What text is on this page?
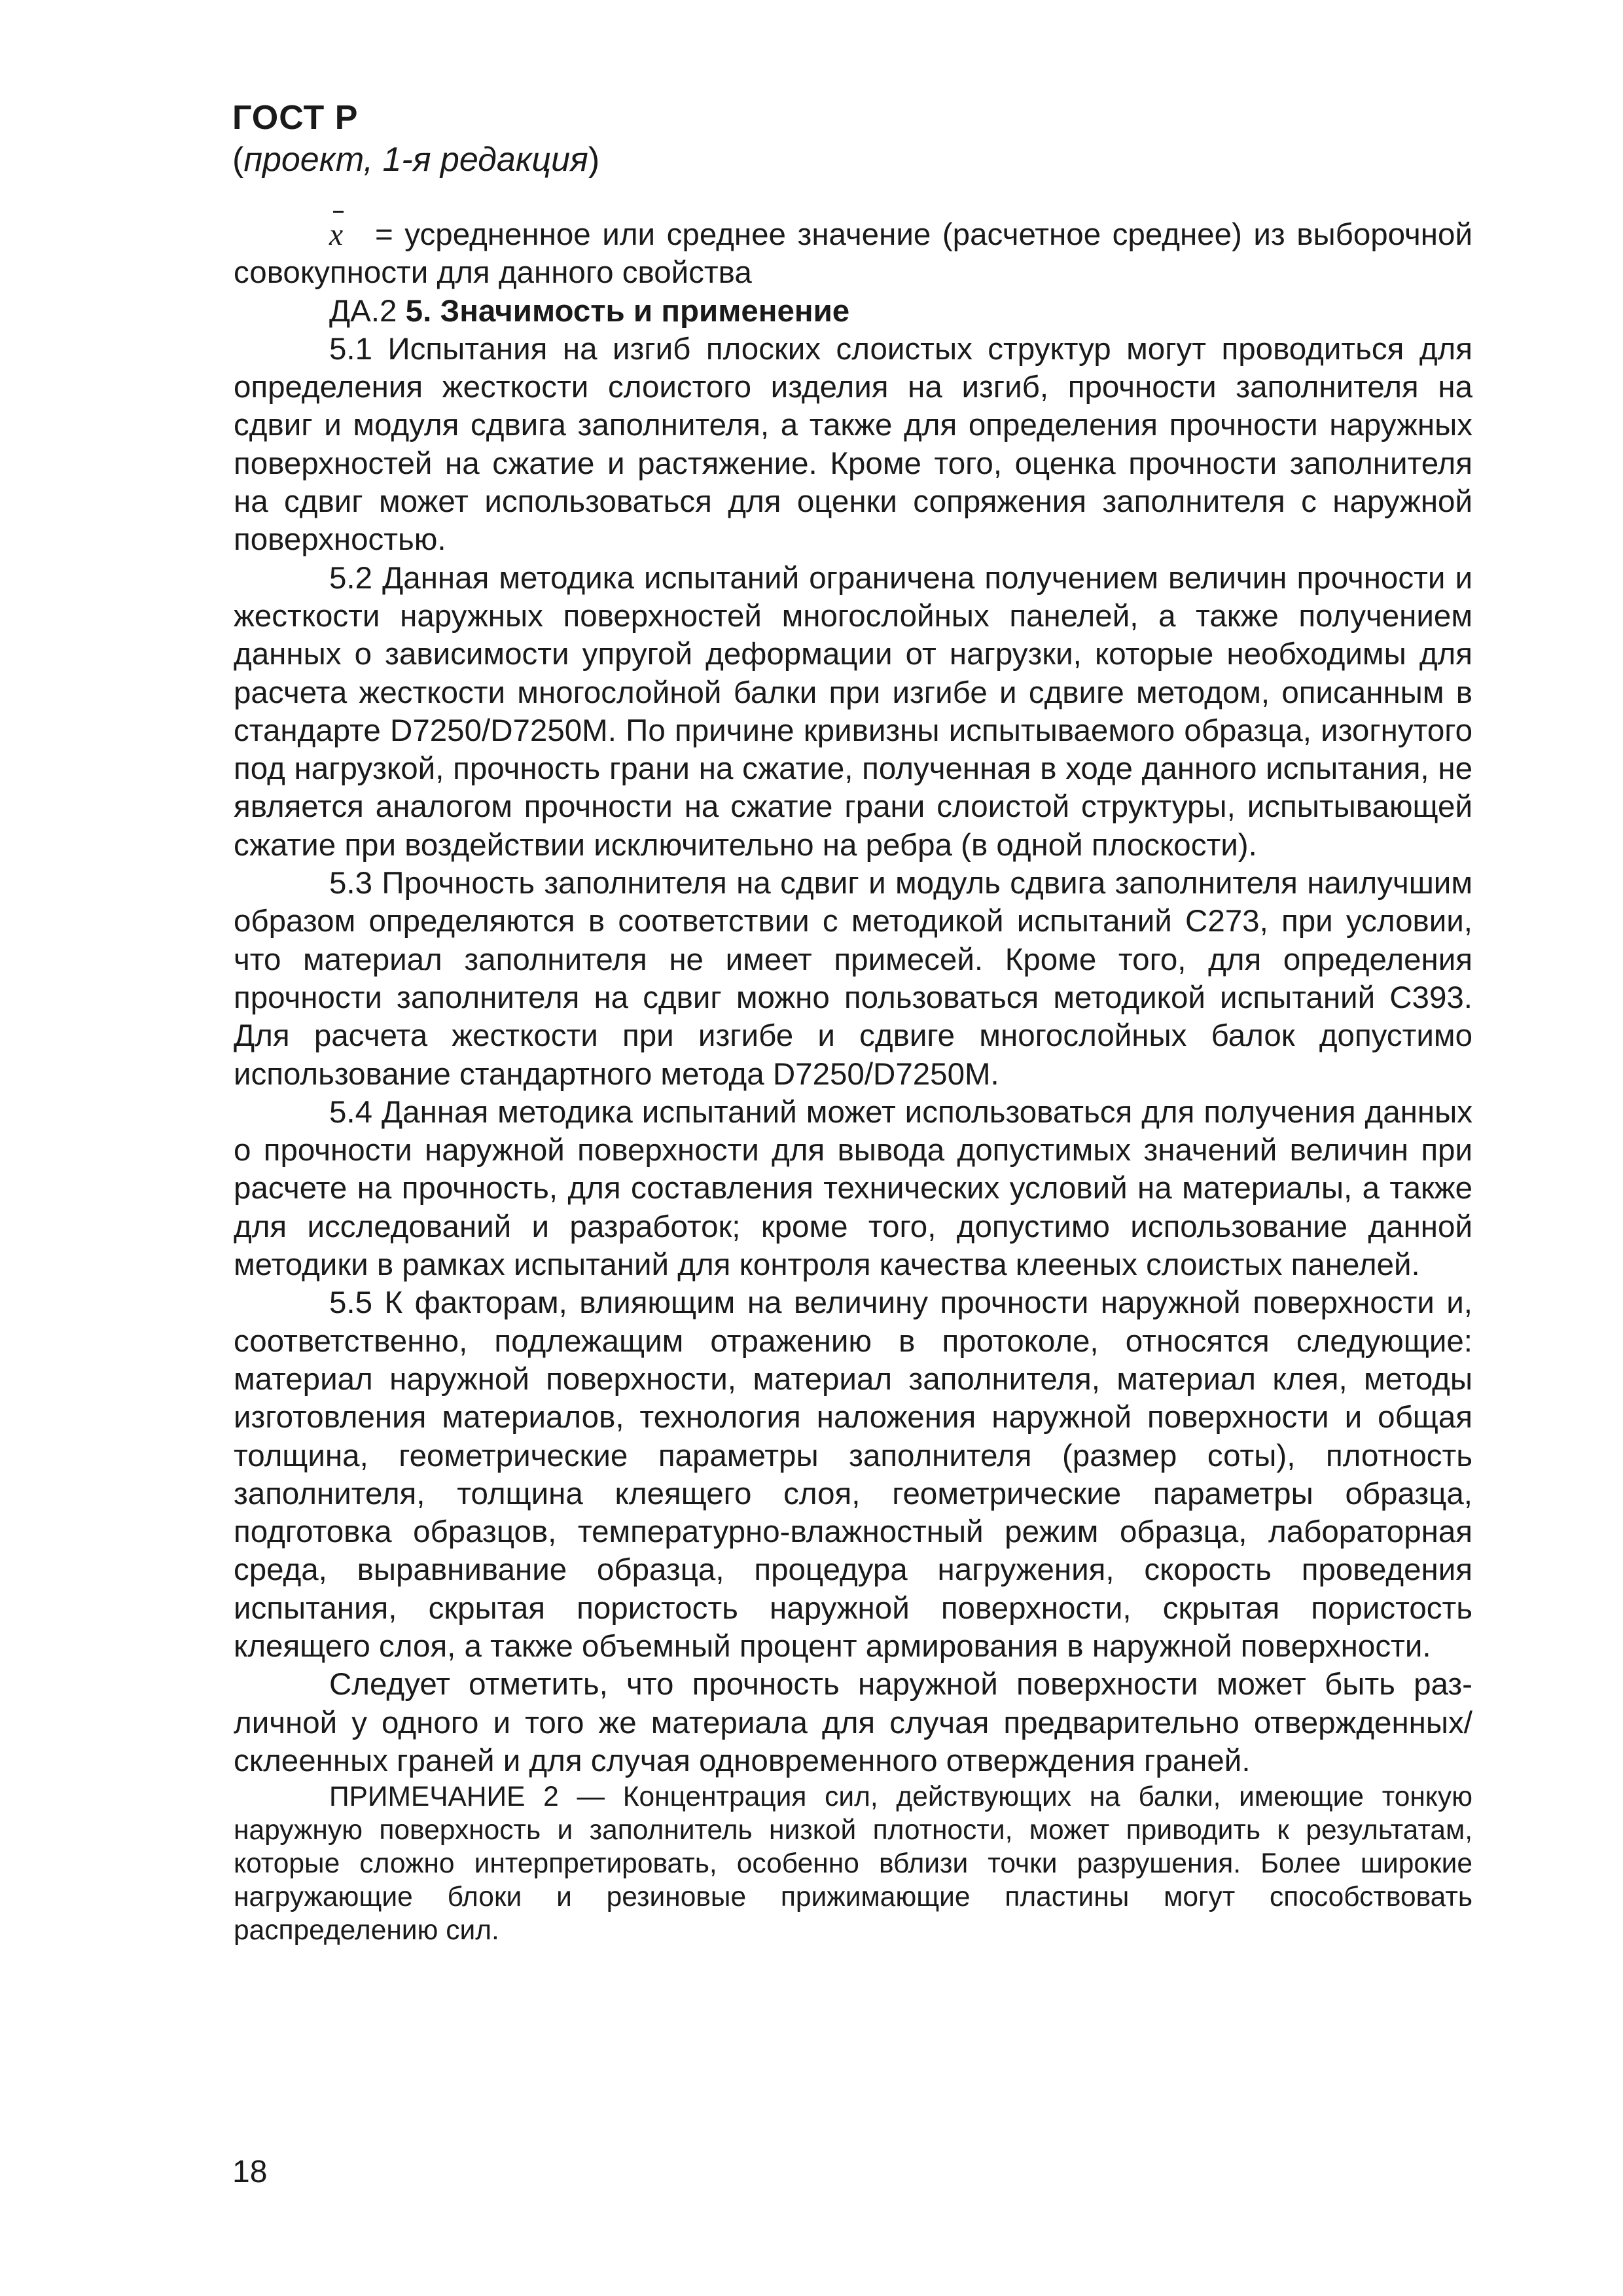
ГОСТ Р
(проект, 1-я редакция)

x = усредненное или среднее значение (расчетное среднее) из выборочной совокупности для данного свойства

ДА.2 5. Значимость и применение

5.1 Испытания на изгиб плоских слоистых структур могут проводиться для определения жесткости слоистого изделия на изгиб, прочности заполнителя на сдвиг и модуля сдвига заполнителя, а также для определения прочности наружных поверхностей на сжатие и растяжение. Кроме того, оценка прочности заполнителя на сдвиг может использоваться для оценки сопряжения заполнителя с наружной поверхностью.

5.2 Данная методика испытаний ограничена получением величин прочности и жесткости наружных поверхностей многослойных панелей, а также получением данных о зависимости упругой деформации от нагрузки, которые необходимы для расчета жесткости многослойной балки при изгибе и сдвиге методом, описанным в стандарте D7250/D7250M. По причине кривизны испытываемого образца, изогнутого под нагрузкой, прочность грани на сжатие, полученная в ходе данного испытания, не является аналогом прочности на сжатие грани слоистой структуры, испытывающей сжатие при воздействии исключительно на ребра (в одной плоскости).

5.3 Прочность заполнителя на сдвиг и модуль сдвига заполнителя наилучшим образом определяются в соответствии с методикой испытаний C273, при условии, что материал заполнителя не имеет примесей. Кроме того, для определения прочности заполнителя на сдвиг можно пользоваться методикой испытаний C393. Для расчета жесткости при изгибе и сдвиге многослойных балок допустимо использование стандартного метода D7250/D7250M.

5.4 Данная методика испытаний может использоваться для получения данных о прочности наружной поверхности для вывода допустимых значений величин при расчете на прочность, для составления технических условий на материалы, а также для исследований и разработок; кроме того, допустимо использование данной методики в рамках испытаний для контроля качества клееных слоистых панелей.

5.5 К факторам, влияющим на величину прочности наружной поверхности и, соответственно, подлежащим отражению в протоколе, относятся следующие: материал наружной поверхности, материал заполнителя, материал клея, методы изготовления материалов, технология наложения наружной поверхности и общая толщина, геометрические параметры заполнителя (размер соты), плотность заполнителя, толщина клеящего слоя, геометрические параметры образца, подготовка образцов, температурно-влажностный режим образца, лабораторная среда, выравнивание образца, процедура нагружения, скорость проведения испытания, скрытая пористость наружной поверхности, скрытая пористость клеящего слоя, а также объемный процент армирования в наружной поверхности.

Следует отметить, что прочность наружной поверхности может быть различной у одного и того же материала для случая предварительно отвержденных/склеенных граней и для случая одновременного отверждения граней.

ПРИМЕЧАНИЕ 2 — Концентрация сил, действующих на балки, имеющие тонкую наружную поверхность и заполнитель низкой плотности, может приводить к результатам, которые сложно интерпретировать, особенно вблизи точки разрушения. Более широкие нагружающие блоки и резиновые прижимающие пластины могут способствовать распределению сил.

18
